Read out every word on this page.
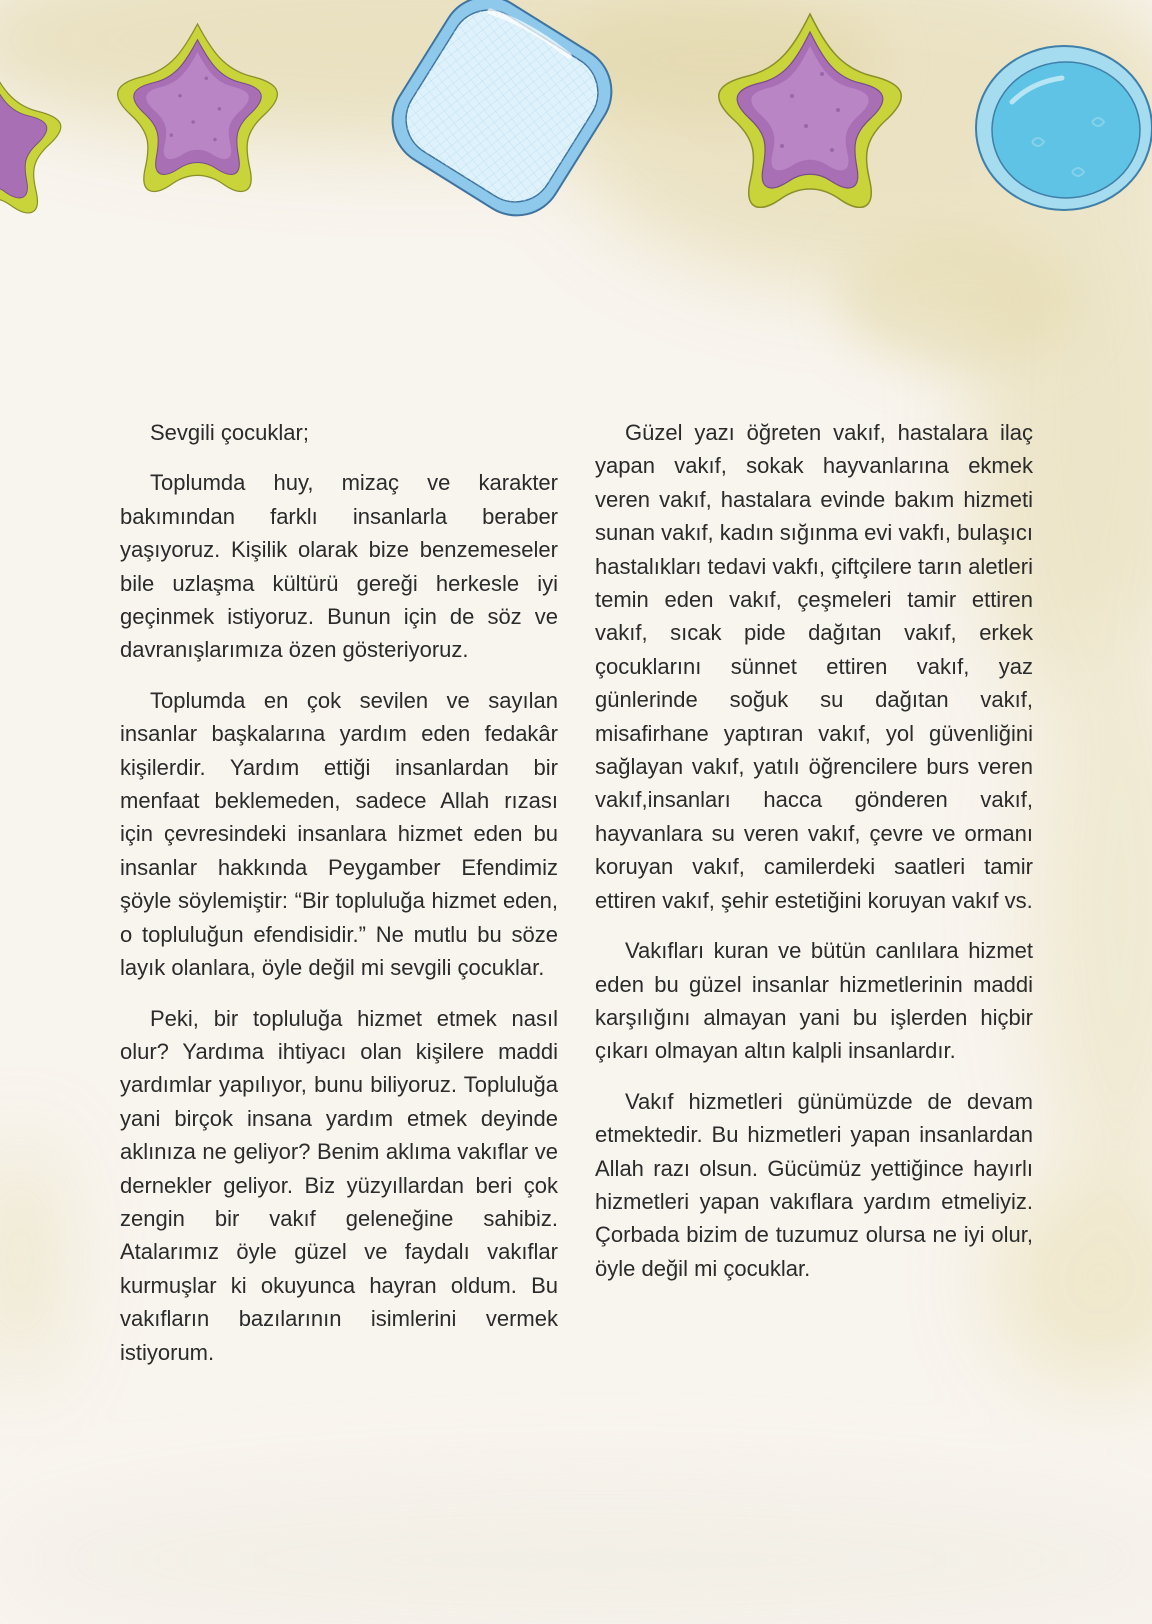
Sevgili çocuklar;

Toplumda huy, mizaç ve karakter bakımından farklı insanlarla beraber yaşıyoruz. Kişilik olarak bize benzemeseler bile uzlaşma kültürü gereği herkesle iyi geçinmek istiyoruz. Bunun için de söz ve davranışlarımıza özen gösteriyoruz.

Toplumda en çok sevilen ve sayılan insanlar başkalarına yardım eden fedakâr kişilerdir. Yardım ettiği insanlardan bir menfaat beklemeden, sadece Allah rızası için çevresindeki insanlara hizmet eden bu insanlar hakkında Peygamber Efendimiz şöyle söylemiştir: “Bir topluluğa hizmet eden, o topluluğun efendisidir.” Ne mutlu bu söze layık olanlara, öyle değil mi sevgili çocuklar.

Peki, bir topluluğa hizmet etmek nasıl olur? Yardıma ihtiyacı olan kişilere maddi yardımlar yapılıyor, bunu biliyoruz. Topluluğa yani birçok insana yardım etmek deyinde aklınıza ne geliyor? Benim aklıma vakıflar ve dernekler geliyor. Biz yüzyıllardan beri çok zengin bir vakıf geleneğine sahibiz. Atalarımız öyle güzel ve faydalı vakıflar kurmuşlar ki okuyunca hayran oldum. Bu vakıfların bazılarının isimlerini vermek istiyorum.

Güzel yazı öğreten vakıf, hastalara ilaç yapan vakıf, sokak hayvanlarına ekmek veren vakıf, hastalara evinde bakım hizmeti sunan vakıf, kadın sığınma evi vakfı, bulaşıcı hastalıkları tedavi vakfı, çiftçilere tarın aletleri temin eden vakıf, çeşmeleri tamir ettiren vakıf, sıcak pide dağıtan vakıf, erkek çocuklarını sünnet ettiren vakıf, yaz günlerinde soğuk su dağıtan vakıf, misafirhane yaptıran vakıf, yol güvenliğini sağlayan vakıf, yatılı öğrencilere burs veren vakıf,insanları hacca gönderen vakıf, hayvanlara su veren vakıf, çevre ve ormanı koruyan vakıf, camilerdeki saatleri tamir ettiren vakıf, şehir estetiğini koruyan vakıf vs.

Vakıfları kuran ve bütün canlılara hizmet eden bu güzel insanlar hizmetlerinin maddi karşılığını almayan yani bu işlerden hiçbir çıkarı olmayan altın kalpli insanlardır.

Vakıf hizmetleri günümüzde de devam etmektedir. Bu hizmetleri yapan insanlardan Allah razı olsun. Gücümüz yettiğince hayırlı hizmetleri yapan vakıflara yardım etmeliyiz. Çorbada bizim de tuzumuz olursa ne iyi olur, öyle değil mi çocuklar.
